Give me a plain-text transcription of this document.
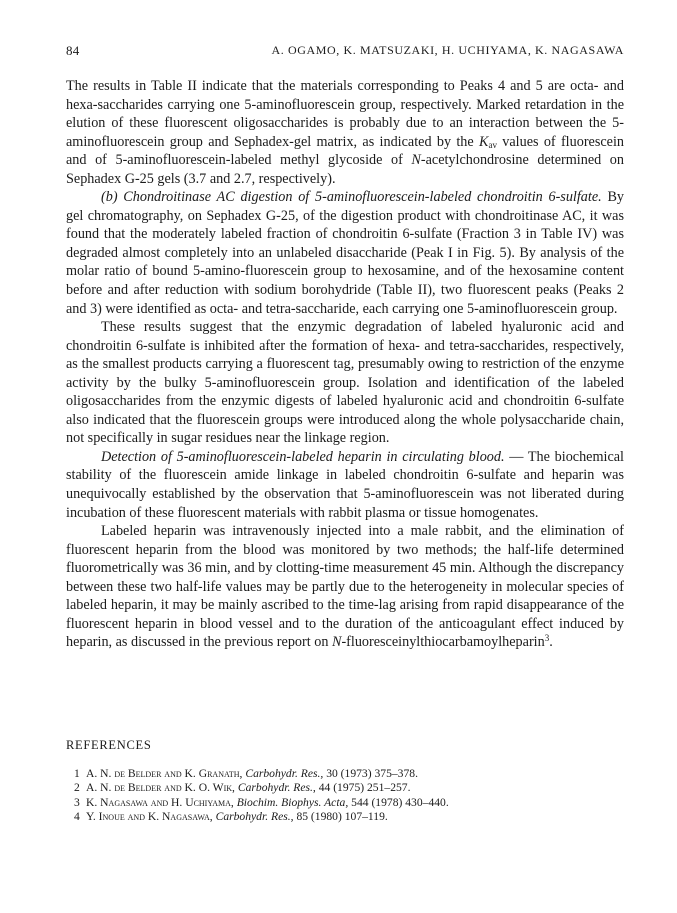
84	A. OGAMO, K. MATSUZAKI, H. UCHIYAMA, K. NAGASAWA

The results in Table II indicate that the materials corresponding to Peaks 4 and 5 are octa- and hexa-saccharides carrying one 5-aminofluorescein group, respectively. Marked retardation in the elution of these fluorescent oligosaccharides is probably due to an interaction between the 5-aminofluorescein group and Sephadex-gel matrix, as indicated by the $K_{av}$ values of fluorescein and of 5-aminofluorescein-labeled methyl glycoside of N-acetylchondrosine determined on Sephadex G-25 gels (3.7 and 2.7, respectively).

(b) Chondroitinase AC digestion of 5-aminofluorescein-labeled chondroitin 6-sulfate. By gel chromatography, on Sephadex G-25, of the digestion product with chondroitinase AC, it was found that the moderately labeled fraction of chondroitin 6-sulfate (Fraction 3 in Table IV) was degraded almost completely into an unlabeled disaccharide (Peak I in Fig. 5). By analysis of the molar ratio of bound 5-amino-fluorescein group to hexosamine, and of the hexosamine content before and after reduction with sodium borohydride (Table II), two fluorescent peaks (Peaks 2 and 3) were identified as octa- and tetra-saccharide, each carrying one 5-aminofluorescein group.

These results suggest that the enzymic degradation of labeled hyaluronic acid and chondroitin 6-sulfate is inhibited after the formation of hexa- and tetra-saccharides, respectively, as the smallest products carrying a fluorescent tag, presumably owing to restriction of the enzyme activity by the bulky 5-aminofluorescein group. Isolation and identification of the labeled oligosaccharides from the enzymic digests of labeled hyaluronic acid and chondroitin 6-sulfate also indicated that the fluorescein groups were introduced along the whole polysaccharide chain, not specifically in sugar residues near the linkage region.

Detection of 5-aminofluorescein-labeled heparin in circulating blood. — The biochemical stability of the fluorescein amide linkage in labeled chondroitin 6-sulfate and heparin was unequivocally established by the observation that 5-aminofluorescein was not liberated during incubation of these fluorescent materials with rabbit plasma or tissue homogenates.

Labeled heparin was intravenously injected into a male rabbit, and the elimination of fluorescent heparin from the blood was monitored by two methods; the half-life determined fluorometrically was 36 min, and by clotting-time measurement 45 min. Although the discrepancy between these two half-life values may be partly due to the heterogeneity in molecular species of labeled heparin, it may be mainly ascribed to the time-lag arising from rapid disappearance of the fluorescent heparin in blood vessel and to the duration of the anticoagulant effect induced by heparin, as discussed in the previous report on N-fluoresceinylthiocarbamoylheparin$^3$.

REFERENCES
1 A. N. de Belder and K. Granath, Carbohydr. Res., 30 (1973) 375–378.
2 A. N. de Belder and K. O. Wik, Carbohydr. Res., 44 (1975) 251–257.
3 K. Nagasawa and H. Uchiyama, Biochim. Biophys. Acta, 544 (1978) 430–440.
4 Y. Inoue and K. Nagasawa, Carbohydr. Res., 85 (1980) 107–119.
